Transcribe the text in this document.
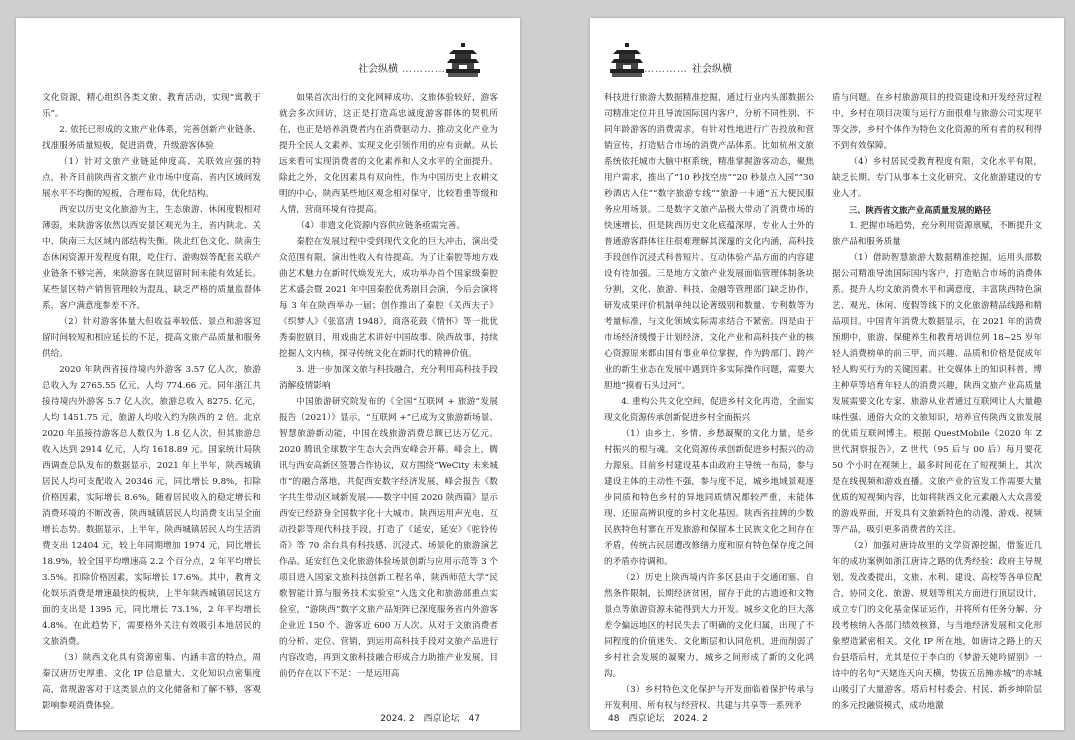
社会纵横 …………

文化资源，精心组织各类文旅、教育活动，实现“寓教于乐”。

2. 依托已形成的文旅产业体系，完善创新产业链条、找准服务质量短板，促进消费，升级游客体验

（1）针对文旅产业链延伸度高、关联效应强的特点，补齐目前陕西省文旅产业市场中度高、省内区域间发展水平不均衡的短板，合理布局，优化结构。

西安以历史文化旅游为主，生态旅游、休闲度假相对薄弱，来陕游客依然以西安景区观光为主，省内陕北、关中、陕南三大区域内部结构失衡。陕北红色文化、陕南生态休闲资源开发程度有限，吃住行、游购娱等配套关联产业链条不够完善，来陕游客在陕逗留时间未能有效延长。某些景区特产销售管理较为混乱，缺乏严格的质量监督体系，客户满意度参差不齐。

（2）针对游客体量大但收益率较低、景点和游客逗留时间较短和相应延长的不足，提高文旅产品质量和服务供给。

2020 年陕西省接待境内外游客 3.57 亿人次，旅游总收入为 2765.55 亿元，人均 774.66 元。同年浙江共接待境内外游客 5.7 亿人次，旅游总收入 8275. 亿元，人均 1451.75 元，旅游人均收入约为陕西的 2 倍。北京 2020 年虽接待游客总人数仅为 1.8 亿人次，但其旅游总收入达到 2914 亿元，人均 1618.89 元。国家统计局陕西调查总队发布的数据显示，2021 年上半年，陕西城镇居民人均可支配收入 20346 元，同比增长 9.8%，扣除价格因素，实际增长 8.6%。随着居民收入的稳定增长和消费环境的不断改善，陕西城镇居民人均消费支出呈全面增长态势。数据显示，上半年，陕西城镇居民人均生活消费支出 12404 元，较上年同期增加 1974 元，同比增长 18.9%，较全国平均增速高 2.2 个百分点，2 年平均增长 3.5%。扣除价格因素，实际增长 17.6%。其中，教育文化娱乐消费是增速最快的板块，上半年陕西城镇居民这方面的支出是 1395 元，同比增长 73.1%，2 年平均增长 4.8%。在此趋势下，需要格外关注有效吸引本地居民的文旅消费。

（3）陕西文化具有资源密集、内涵丰富的特点，周秦汉唐历史厚重、文化 IP 信息量大、文化知识点密集度高，常规游客对于这类景点的文化储备和了解不够，客观影响参观消费体验。

如果首次出行的文化网释成功、文旅体验较好，游客就会多次回访，这正是打造高忠诚度游客群体的契机所在，也正是培养消费者内在消费驱动力、推动文化产业为提升全民人文素养、实现文化引领作用的应有贡献。从长远来看可实现消费者的文化素养和人文水平的全面提升。除此之外，文化因素具有双向性，作为中国历史上农耕文明的中心，陕西某些地区观念相对保守，比较看重等级和人情，营商环境有待提高。

（4）非遗文化资源内容供应链条亟需完善。

秦腔在发展过程中受到现代文化的巨大冲击，演出受众范围有限，演出性收入有待提高。为了让秦腔等地方戏曲艺术魅力在新时代焕发光大，成功举办首个国家级秦腔艺术盛会暨 2021 年中国秦腔优秀剧目会演，今后会演将每 3 年在陕西举办一届；创作推出了秦腔《关西夫子》《织梦人》《张富清 1948》，商洛花鼓《情怀》等一批优秀秦腔剧目，用戏曲艺术讲好中国故事、陕西故事，持续挖掘人文内核，探寻传统文化在新时代的精神价值。

3. 进一步加深文旅与科技融合，充分利用高科技手段消解疫情影响

中国旅游研究院发布的《全国“互联网 + 旅游”发展报告（2021）》显示，“互联网 +”已成为文旅游新场景、智慧旅游新动能，中国在线旅游消费总额已达万亿元。2020 腾讯全球数字生态大会西安峰会开幕。峰会上，腾讯与西安高新区签署合作协议，双方围绕“WeCity 未来城市”的融合落地，共促西安数字经济发展，峰会报告《数字共生带动区域新发展——数字中国 2020 陕西篇》显示西安已经跻身全国数字化十大城市。陕西运用声光电、互动投影等现代科技手段，打造了《延安，延安》《驼铃传奇》等 70 余台具有科技感、沉浸式、场景化的旅游演艺作品。延安红色文化旅游体验场景创新与应用示范等 3 个项目进入国家文旅科技创新工程名单，陕西师范大学“民歌智能计算与服务技术实验室”入选文化和旅游部重点实验室，“游陕西”数字文旅产品矩阵已深度服务省内外游客企业近 150 个、游客近 600 万人次。从对于文旅消费者的分析、定位、营销，到运用高科技手段对文旅产品进行内容改造，再到文旅科技融合形成合力助推产业发展，目前仍存在以下不足：一是运用高

2024. 2　西京论坛　47
………… 社会纵横

科技进行旅游大数据精准挖掘，通过行业内头部数据公司精准定位并且导流国际国内客户，分析不同性别、不同年龄游客的消费需求，有针对性地进行广告投放和营销宣传，打造贴合市场的消费产品体系。比如杭州文旅系统依托城市大脑中枢系统，精准掌握游客动态，聚焦用户需求，推出了“10 秒找空房”“20 秒景点入园”“30 秒酒店入住”“数字旅游专线”“旅游一卡通”五大便民服务应用场景。二是数字文旅产品极大带动了消费市场的快速增长，但是陕西历史文化底蕴深厚，专业人士外的普通游客群体往往很难理解其深邃的文化内涵，高科技手段创作沉浸式科普短片、互动体验产品方面的内容建设有待加强。三是地方文旅产业发展面临管理体制条块分割，文化、旅游、科技、金融等管理部门缺乏协作，研发成果评价机制单纯以论著级别和数量、专利数等为考量标准，与文化领域实际需求结合不紧密。四是由于市场经济缓慢于计划经济，文化产业和高科技产业的核心资源原来都由国有事业单位掌握，作为跨部门、跨产业的新生业态在发展中遇到许多实际操作问题，需要大胆地“摸着石头过河”。

4. 重构公共文化空间，促进乡村文化再造，全面实现文化资源传承创新促进乡村全面振兴

（1）由乡土、乡情、乡愁凝聚的文化力量，是乡村振兴的根与魂。文化资源传承创新促进乡村振兴的动力源泉。目前乡村建设基本由政府主导统一布局，参与建设主体的主动性不强，参与度不足，城乡地域景观逐步同质和特色乡村的异地同质情况都较严重，未能体现、还原高辨识度的乡村文化基因。陕西省挂牌的少数民族特色村寨在开发旅游和保留本土民族文化之间存在矛盾，传统古民居遭改修缮力度和原有特色保存度之间的矛盾亦待调和。

（2）历史上陕西境内许多区县由于交通闭塞、自然条件限制，长期经济贫困，留存于此的古遗迹和文物景点等旅游资源未能得到大力开发。城乡文化的巨大落差令偏远地区的村民失去了明确的文化归属，出现了不同程度的价值迷失、文化断层和认同危机，进而削弱了乡村社会发展的凝聚力，城乡之间形成了新的文化鸿沟。

（3）乡村特色文化保护与开发面临着保护传承与开发利用、所有权与经营权、共建与共享等一系列矛

盾与问题。在乡村旅游项目的投资建设和开发经营过程中，乡村在项目决策与运行方面很难与旅游公司实现平等交涉，乡村个体作为特色文化资源的所有者的权利得不到有效保障。

（4）乡村居民受教育程度有限，文化水平有限，缺乏长期、专门从事本土文化研究、文化旅游建设的专业人才。

三、陕西省文旅产业高质量发展的路径

1. 把握市场趋势，充分利用资源禀赋，不断提升文旅产品和服务质量

（1）借助智慧旅游大数据精准挖掘，运用头部数据公司精准导流国际国内客户，打造贴合市场的消费体系。提升人均文旅消费水平和满意度，丰富陕西特色演艺、观光、休闲、度假等线下的文化旅游精品线路和精品项目。中国青年消费大数据显示，在 2021 年的消费预期中，旅游、保健养生和教育培训位列 18~25 岁年轻人消费榜单的前三甲，而兴趣、品质和价格是促成年轻人购买行为的关键因素。社交媒体上的知识科普，博主种草等培育年轻人的消费兴趣，陕西文旅产业高质量发展需要文化专家、旅游从业者通过互联网让人大量趣味性强、通俗大众的文旅知识，培养宣传陕西文旅发展的优质互联网博主。根据 QuestMobile《2020 年 Z 世代洞察报告》，Z 世代（95 后与 00 后）每月要花 50 个小时在视频上，最多时间花在了短视频上，其次是在线视频和游戏直播。文旅产业的宣发工作需要大量优质的短视频内容，比如将陕西文化元素融入大众喜爱的游戏界面，开发具有文旅新特色的动漫、游戏、视频等产品，吸引更多消费者的关注。

（2）加强对唐诗故里的文学资源挖掘，借鉴近几年的成功案例如浙江唐诗之路的优秀经验：政府主导规划，发改委提出，文旅、水利、建设、高校等各单位配合，协同文化、旅游、规划等相关方面进行顶层设计，成立专门的文化基金保证运作，并将所有任务分解、分段考核纳入各部门绩效核算，与当地经济发展和文化形象塑造紧密相关。文化 IP 所在地，如唐诗之路上的天台县塔后村，尤其是位于李白的《梦游天姥吟留别》一诗中的名句“天姥连天向天横，势拔五岳掩赤城”的赤城山吸引了大量游客。塔后村村委会、村民、新乡绅阶层的多元投融资模式，成功地激

48　西京论坛　2024. 2
